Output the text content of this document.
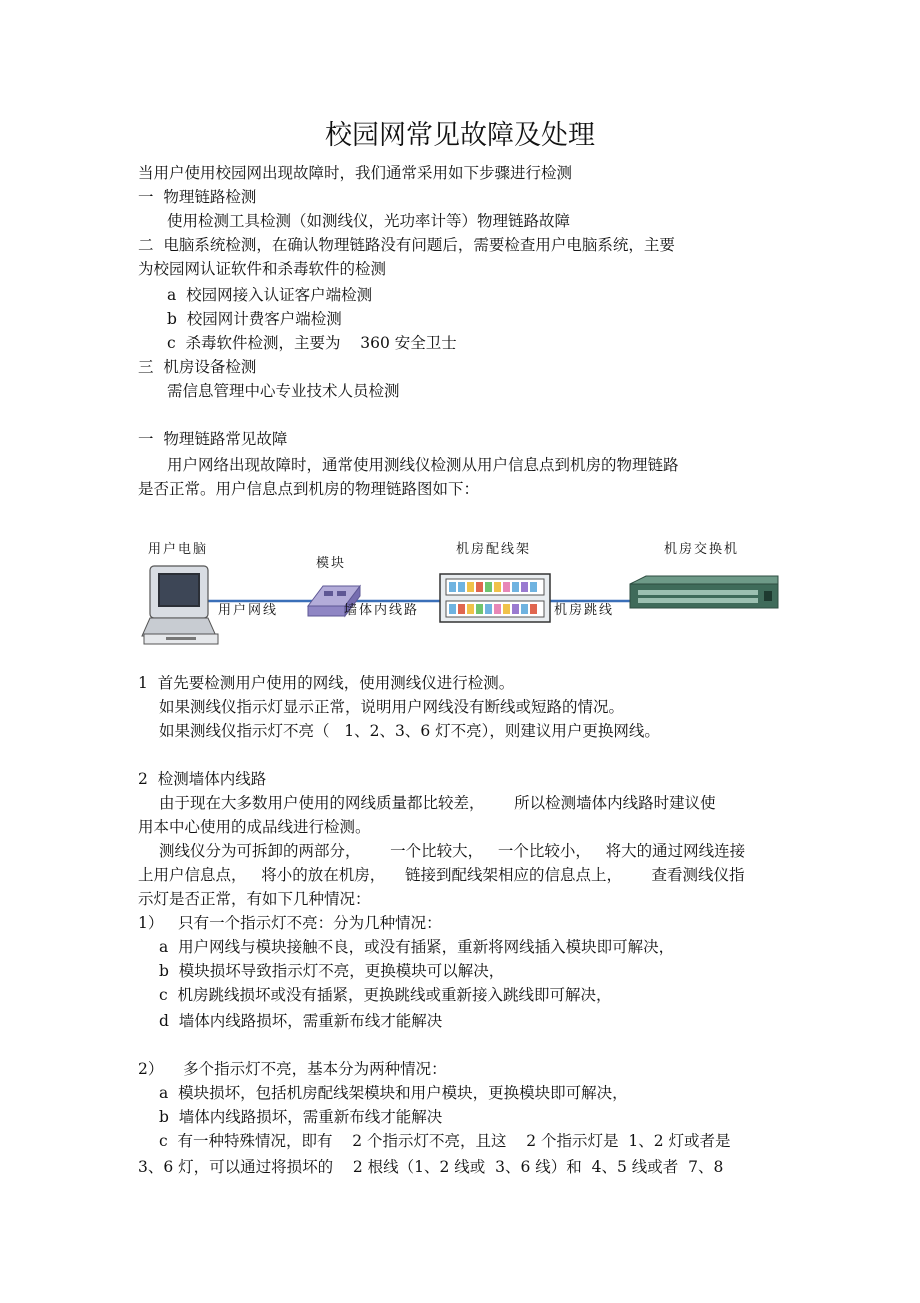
校园网常见故障及处理

当用户使用校园网出现故障时，我们通常采用如下步骤进行检测

一  物理链路检测

使用检测工具检测（如测线仪，光功率计等）物理链路故障

二  电脑系统检测，在确认物理链路没有问题后，需要检查用户电脑系统，主要

为校园网认证软件和杀毒软件的检测

a  校园网接入认证客户端检测

b  校园网计费客户端检测

c  杀毒软件检测，主要为    360 安全卫士

三  机房设备检测

需信息管理中心专业技术人员检测

一  物理链路常见故障

用户网络出现故障时，通常使用测线仪检测从用户信息点到机房的物理链路

是否正常。用户信息点到机房的物理链路图如下：

用户电脑
模块
机房配线架	机房交换机
用户网线	墙体内线路	机房跳线

1  首先要检测用户使用的网线，使用测线仪进行检测。

如果测线仪指示灯显示正常，说明用户网线没有断线或短路的情况。

如果测线仪指示灯不亮（   1、2、3、6 灯不亮），则建议用户更换网线。

2  检测墙体内线路

由于现在大多数用户使用的网线质量都比较差，      所以检测墙体内线路时建议使

用本中心使用的成品线进行检测。

测线仪分为可拆卸的两部分，      一个比较大，   一个比较小，   将大的通过网线连接

上用户信息点，   将小的放在机房，    链接到配线架相应的信息点上，      查看测线仪指

示灯是否正常，有如下几种情况：

1）   只有一个指示灯不亮：分为几种情况：

a  用户网线与模块接触不良，或没有插紧，重新将网线插入模块即可解决，

b  模块损坏导致指示灯不亮，更换模块可以解决，

c  机房跳线损坏或没有插紧，更换跳线或重新接入跳线即可解决，

d  墙体内线路损坏，需重新布线才能解决

2）    多个指示灯不亮，基本分为两种情况：

a  模块损坏，包括机房配线架模块和用户模块，更换模块即可解决，

b  墙体内线路损坏，需重新布线才能解决

c  有一种特殊情况，即有    2 个指示灯不亮，且这    2 个指示灯是  1、2 灯或者是

3、6 灯，可以通过将损坏的    2 根线（1、2 线或  3、6 线）和  4、5 线或者  7、8
